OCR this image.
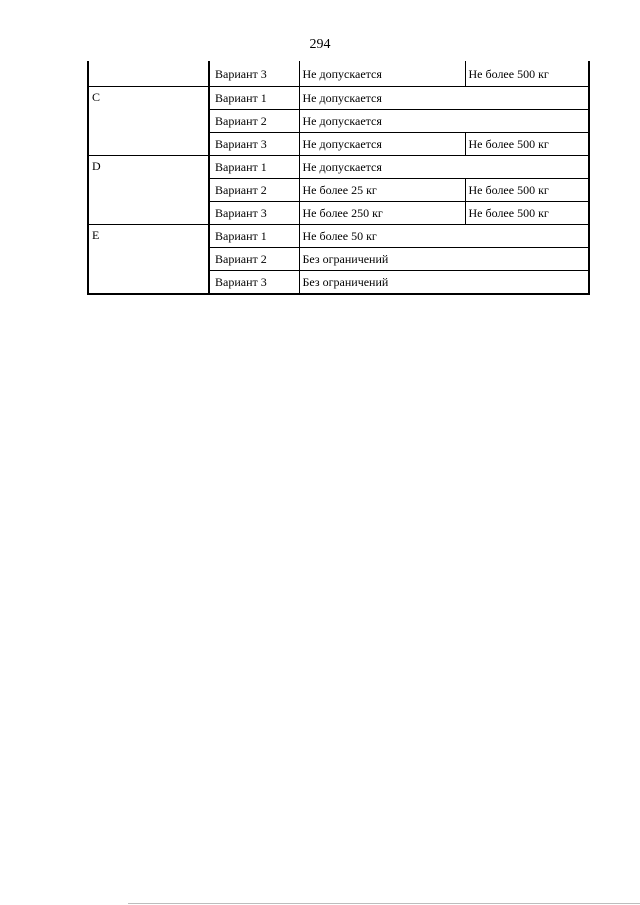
294
	Вариант 3	Не допускается	Не более 500 кг
C	Вариант 1	Не допускается	
	Вариант 2	Не допускается	
	Вариант 3	Не допускается	Не более 500 кг
D	Вариант 1	Не допускается	
	Вариант 2	Не более 25 кг	Не более 500 кг
	Вариант 3	Не более 250 кг	Не более 500 кг
E	Вариант 1	Не более 50 кг	
	Вариант 2	Без ограничений	
	Вариант 3	Без ограничений	
